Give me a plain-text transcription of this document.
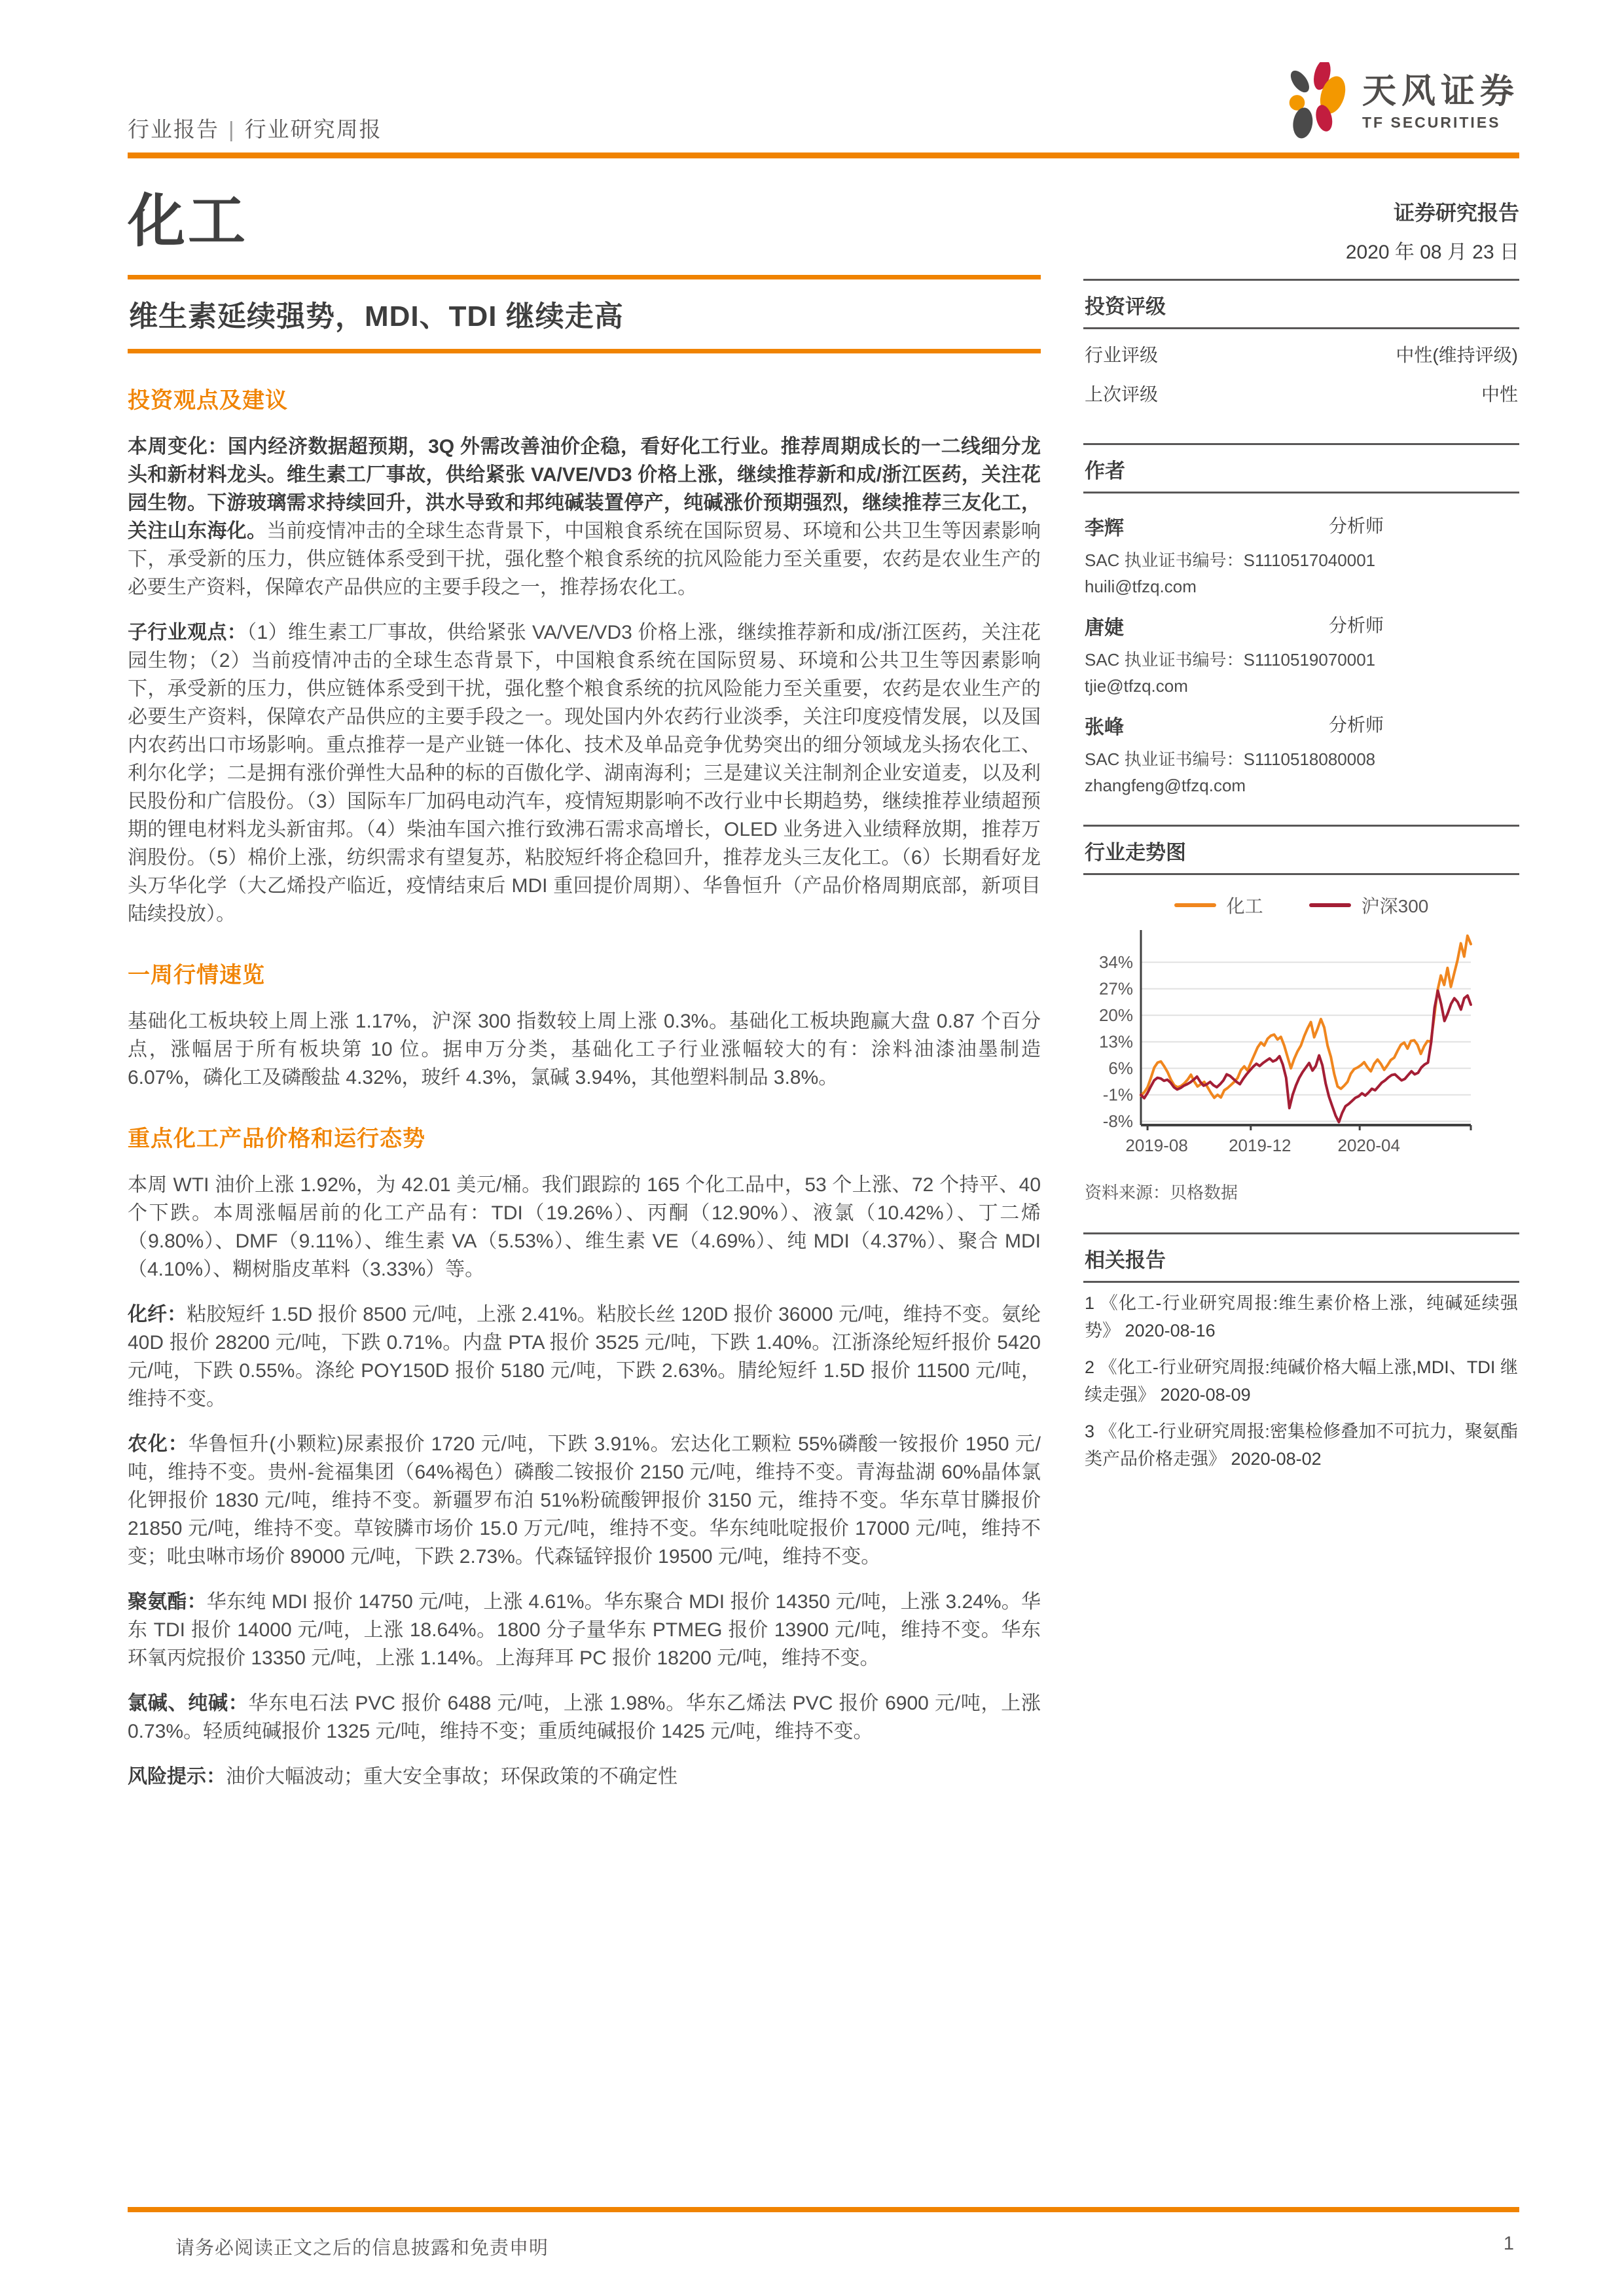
行业报告 | 行业研究周报
天风证券
TF SECURITIES
化工
维生素延续强势，MDI、TDI 继续走高
投资观点及建议

本周变化：国内经济数据超预期，3Q 外需改善油价企稳，看好化工行业。推荐周期成长的一二线细分龙头和新材料龙头。维生素工厂事故，供给紧张 VA/VE/VD3 价格上涨，继续推荐新和成/浙江医药，关注花园生物。下游玻璃需求持续回升，洪水导致和邦纯碱装置停产，纯碱涨价预期强烈，继续推荐三友化工，关注山东海化。当前疫情冲击的全球生态背景下，中国粮食系统在国际贸易、环境和公共卫生等因素影响下，承受新的压力，供应链体系受到干扰，强化整个粮食系统的抗风险能力至关重要，农药是农业生产的必要生产资料，保障农产品供应的主要手段之一，推荐扬农化工。

子行业观点：（1）维生素工厂事故，供给紧张 VA/VE/VD3 价格上涨，继续推荐新和成/浙江医药，关注花园生物；（2）当前疫情冲击的全球生态背景下，中国粮食系统在国际贸易、环境和公共卫生等因素影响下，承受新的压力，供应链体系受到干扰，强化整个粮食系统的抗风险能力至关重要，农药是农业生产的必要生产资料，保障农产品供应的主要手段之一。现处国内外农药行业淡季，关注印度疫情发展，以及国内农药出口市场影响。重点推荐一是产业链一体化、技术及单品竞争优势突出的细分领域龙头扬农化工、利尔化学；二是拥有涨价弹性大品种的标的百傲化学、湖南海利；三是建议关注制剂企业安道麦，以及利民股份和广信股份。（3）国际车厂加码电动汽车，疫情短期影响不改行业中长期趋势，继续推荐业绩超预期的锂电材料龙头新宙邦。（4）柴油车国六推行致沸石需求高增长，OLED 业务进入业绩释放期，推荐万润股份。（5）棉价上涨，纺织需求有望复苏，粘胶短纤将企稳回升，推荐龙头三友化工。（6）长期看好龙头万华化学（大乙烯投产临近，疫情结束后 MDI 重回提价周期）、华鲁恒升（产品价格周期底部，新项目陆续投放）。

一周行情速览

基础化工板块较上周上涨 1.17%，沪深 300 指数较上周上涨 0.3%。基础化工板块跑赢大盘 0.87 个百分点，涨幅居于所有板块第 10 位。据申万分类，基础化工子行业涨幅较大的有：涂料油漆油墨制造 6.07%，磷化工及磷酸盐 4.32%，玻纤 4.3%，氯碱 3.94%，其他塑料制品 3.8%。

重点化工产品价格和运行态势

本周 WTI 油价上涨 1.92%，为 42.01 美元/桶。我们跟踪的 165 个化工品中，53 个上涨、72 个持平、40 个下跌。本周涨幅居前的化工产品有：TDI（19.26%）、丙酮（12.90%）、液氯（10.42%）、丁二烯（9.80%）、DMF（9.11%）、维生素 VA（5.53%）、维生素 VE（4.69%）、纯 MDI（4.37%）、聚合 MDI（4.10%）、糊树脂皮革料（3.33%）等。

化纤：粘胶短纤 1.5D 报价 8500 元/吨，上涨 2.41%。粘胶长丝 120D 报价 36000 元/吨，维持不变。氨纶 40D 报价 28200 元/吨，下跌 0.71%。内盘 PTA 报价 3525 元/吨，下跌 1.40%。江浙涤纶短纤报价 5420 元/吨，下跌 0.55%。涤纶 POY150D 报价 5180 元/吨，下跌 2.63%。腈纶短纤 1.5D 报价 11500 元/吨，维持不变。

农化：华鲁恒升(小颗粒)尿素报价 1720 元/吨，下跌 3.91%。宏达化工颗粒 55%磷酸一铵报价 1950 元/吨，维持不变。贵州-瓮福集团（64%褐色）磷酸二铵报价 2150 元/吨，维持不变。青海盐湖 60%晶体氯化钾报价 1830 元/吨，维持不变。新疆罗布泊 51%粉硫酸钾报价 3150 元，维持不变。华东草甘膦报价 21850 元/吨，维持不变。草铵膦市场价 15.0 万元/吨，维持不变。华东纯吡啶报价 17000 元/吨，维持不变；吡虫啉市场价 89000 元/吨，下跌 2.73%。代森锰锌报价 19500 元/吨，维持不变。

聚氨酯：华东纯 MDI 报价 14750 元/吨，上涨 4.61%。华东聚合 MDI 报价 14350 元/吨，上涨 3.24%。华东 TDI 报价 14000 元/吨，上涨 18.64%。1800 分子量华东 PTMEG 报价 13900 元/吨，维持不变。华东环氧丙烷报价 13350 元/吨，上涨 1.14%。上海拜耳 PC 报价 18200 元/吨，维持不变。

氯碱、纯碱：华东电石法 PVC 报价 6488 元/吨，上涨 1.98%。华东乙烯法 PVC 报价 6900 元/吨，上涨 0.73%。轻质纯碱报价 1325 元/吨，维持不变；重质纯碱报价 1425 元/吨，维持不变。

风险提示：油价大幅波动；重大安全事故；环保政策的不确定性

证券研究报告
2020 年 08 月 23 日
投资评级
行业评级	中性(维持评级)
上次评级	中性
作者
李辉	分析师
SAC 执业证书编号：S1110517040001
huili@tfzq.com
唐婕	分析师
SAC 执业证书编号：S1110519070001
tjie@tfzq.com
张峰	分析师
SAC 执业证书编号：S1110518080008
zhangfeng@tfzq.com
行业走势图
化工	沪深300
34%
27%
20%
13%
6%
-1%
-8%
2019-08 2019-12	2020-04
资料来源：贝格数据
相关报告
1 《化工-行业研究周报:维生素价格上涨，纯碱延续强势》 2020-08-16
2 《化工-行业研究周报:纯碱价格大幅上涨,MDI、TDI 继续走强》 2020-08-09
3 《化工-行业研究周报:密集检修叠加不可抗力，聚氨酯类产品价格走强》 2020-08-02
请务必阅读正文之后的信息披露和免责申明	1
